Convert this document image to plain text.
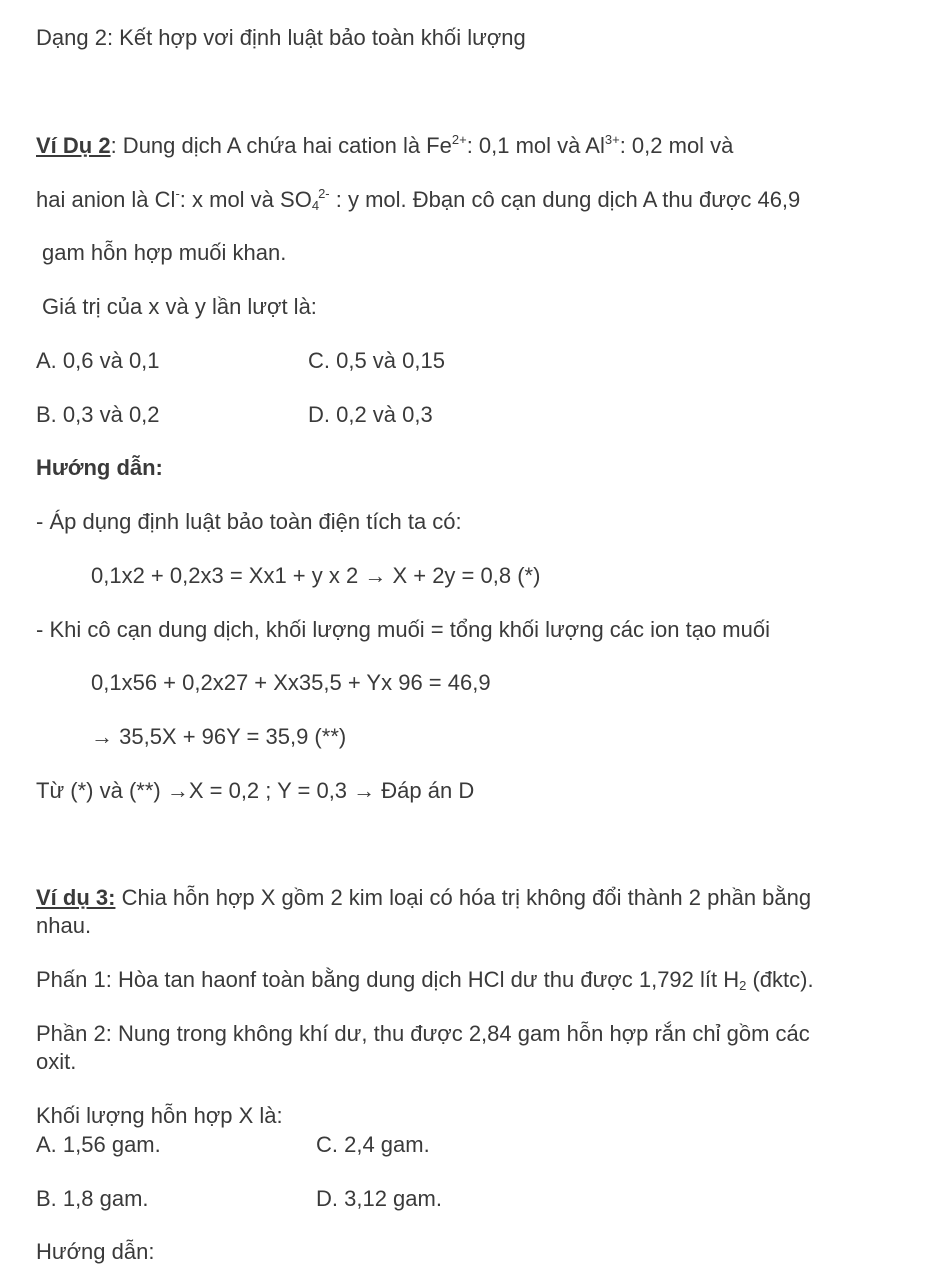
Dạng 2: Kết hợp vơi định luật bảo toàn khối lượng
Ví Dụ 2: Dung dịch A chứa hai cation là $Fe^{2+}$: 0,1 mol và $Al^{3+}$: 0,2 mol và
hai anion là Cl-: x mol và $SO_4^{2-}$ : y mol. Đbạn cô cạn dung dịch A thu được 46,9
gam hỗn hợp muối khan.
Giá trị của x và y lần lượt là:
A. 0,6 và 0,1	C. 0,5 và 0,15
B. 0,3 và 0,2	D. 0,2 và 0,3
Hướng dẫn:
- Áp dụng định luật bảo toàn điện tích ta có:
0,1x2 + 0,2x3 = Xx1 + y x 2 → X + 2y = 0,8 (*)
- Khi cô cạn dung dịch, khối lượng muối = tổng khối lượng các ion tạo muối
0,1x56 + 0,2x27 + Xx35,5 + Yx 96 = 46,9
→ 35,5X + 96Y = 35,9 (**)
Từ (*) và (**) →X = 0,2 ; Y = 0,3 → Đáp án D
Ví dụ 3: Chia hỗn hợp X gồm 2 kim loại có hóa trị không đổi thành 2 phần bằng
nhau.
Phấn 1: Hòa tan haonf toàn bằng dung dịch HCl dư thu được 1,792 lít $H_2$ (đktc).
Phần 2: Nung trong không khí dư, thu được 2,84 gam hỗn hợp rắn chỉ gồm các
oxit.
Khối lượng hỗn hợp X là:
A. 1,56 gam.	C. 2,4 gam.
B. 1,8 gam.	D. 3,12 gam.
Hướng dẫn:
